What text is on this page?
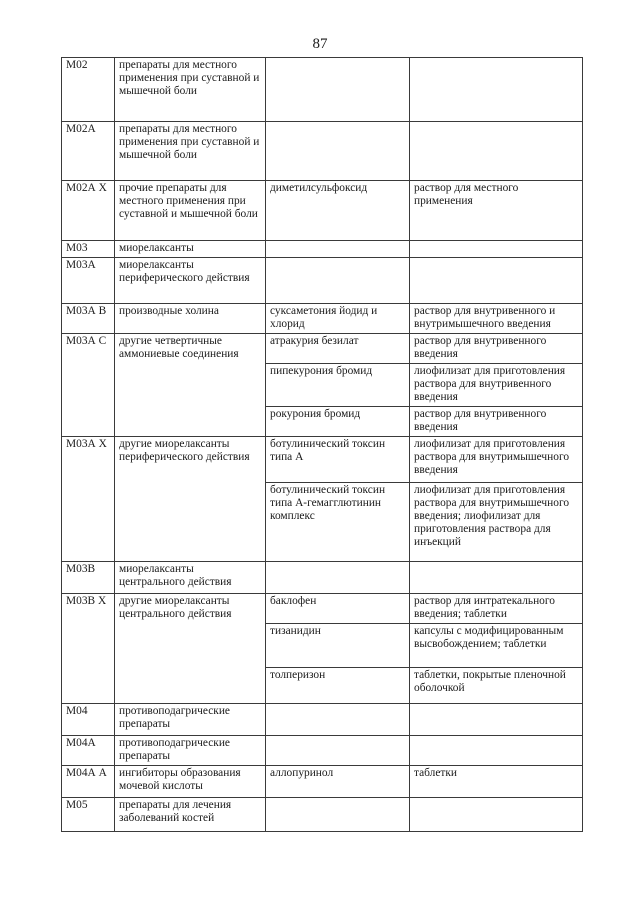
87
М02	препараты для местного применения при суставной и мышечной боли		
М02А	препараты для местного применения при суставной и мышечной боли		
М02А Х	прочие препараты для местного применения при суставной и мышечной боли	диметилсульфоксид	раствор для местного применения
М03	миорелаксанты		
М03А	миорелаксанты периферического действия		
М03А В	производные холина	суксаметония йодид и хлорид	раствор для внутривенного и внутримышечного введения
М03А С	другие четвертичные аммониевые соединения	атракурия безилат	раствор для внутривенного введения
		пипекурония бромид	лиофилизат для приготовления раствора для внутривенного введения
		рокурония бромид	раствор для внутривенного введения
М03А Х	другие миорелаксанты периферического действия	ботулинический токсин типа А	лиофилизат для приготовления раствора для внутримышечного введения
		ботулинический токсин типа А-гемагглютинин комплекс	лиофилизат для приготовления раствора для внутримышечного введения; лиофилизат для приготовления раствора для инъекций
М03В	миорелаксанты центрального действия		
М03В Х	другие миорелаксанты центрального действия	баклофен	раствор для интратекального введения; таблетки
		тизанидин	капсулы с модифицированным высвобождением; таблетки
		толперизон	таблетки, покрытые пленочной оболочкой
М04	противоподагрические препараты		
М04А	противоподагрические препараты		
М04А А	ингибиторы образования мочевой кислоты	аллопуринол	таблетки
М05	препараты для лечения заболеваний костей		
